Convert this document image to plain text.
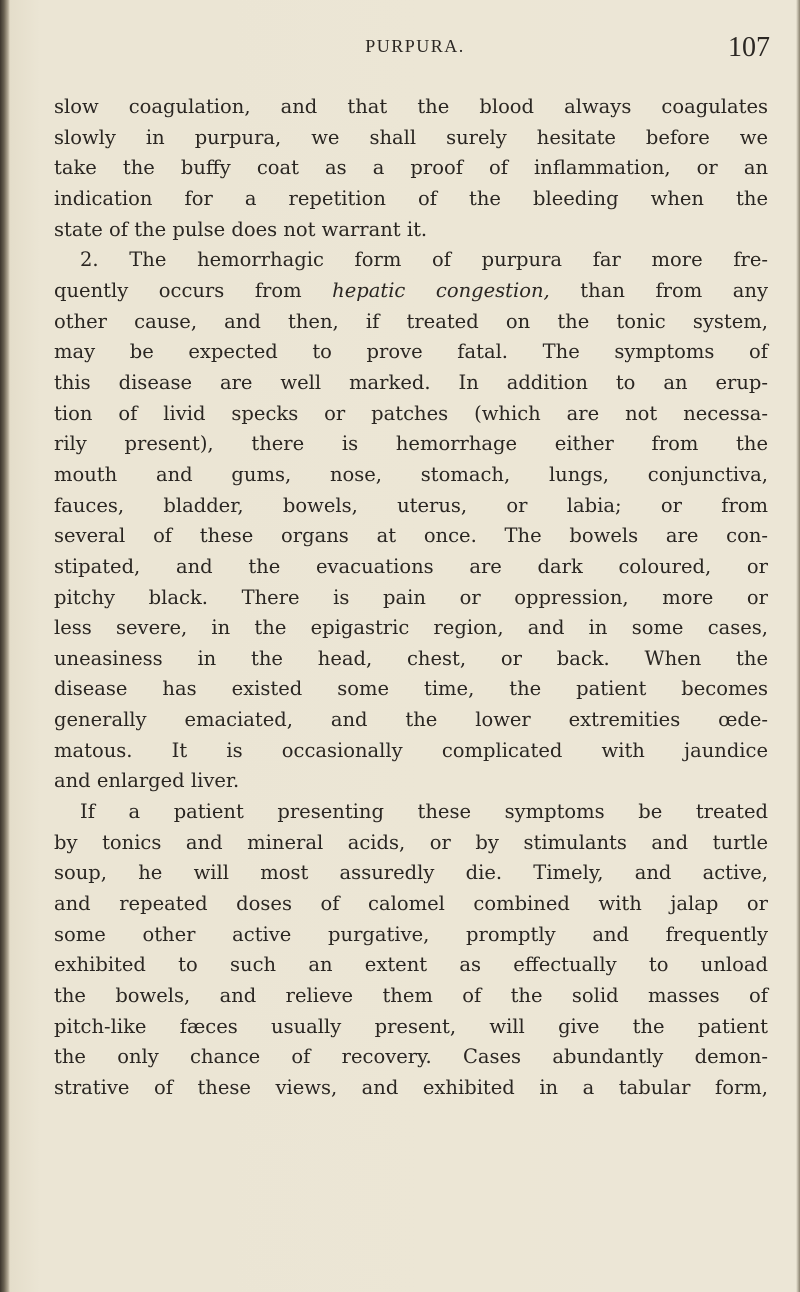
PURPURA.	107
slow coagulation, and that the blood always coagulates
slowly in purpura, we shall surely hesitate before we
take the buffy coat as a proof of inflammation, or an
indication for a repetition of the bleeding when the
state of the pulse does not warrant it.
2. The hemorrhagic form of purpura far more fre-
quently occurs from hepatic congestion, than from any
other cause, and then, if treated on the tonic system,
may be expected to prove fatal. The symptoms of
this disease are well marked. In addition to an erup-
tion of livid specks or patches (which are not necessa-
rily present), there is hemorrhage either from the
mouth and gums, nose, stomach, lungs, conjunctiva,
fauces, bladder, bowels, uterus, or labia; or from
several of these organs at once. The bowels are con-
stipated, and the evacuations are dark coloured, or
pitchy black. There is pain or oppression, more or
less severe, in the epigastric region, and in some cases,
uneasiness in the head, chest, or back. When the
disease has existed some time, the patient becomes
generally emaciated, and the lower extremities œde-
matous. It is occasionally complicated with jaundice
and enlarged liver.
If a patient presenting these symptoms be treated
by tonics and mineral acids, or by stimulants and turtle
soup, he will most assuredly die. Timely, and active,
and repeated doses of calomel combined with jalap or
some other active purgative, promptly and frequently
exhibited to such an extent as effectually to unload
the bowels, and relieve them of the solid masses of
pitch-like fæces usually present, will give the patient
the only chance of recovery. Cases abundantly demon-
strative of these views, and exhibited in a tabular form,
